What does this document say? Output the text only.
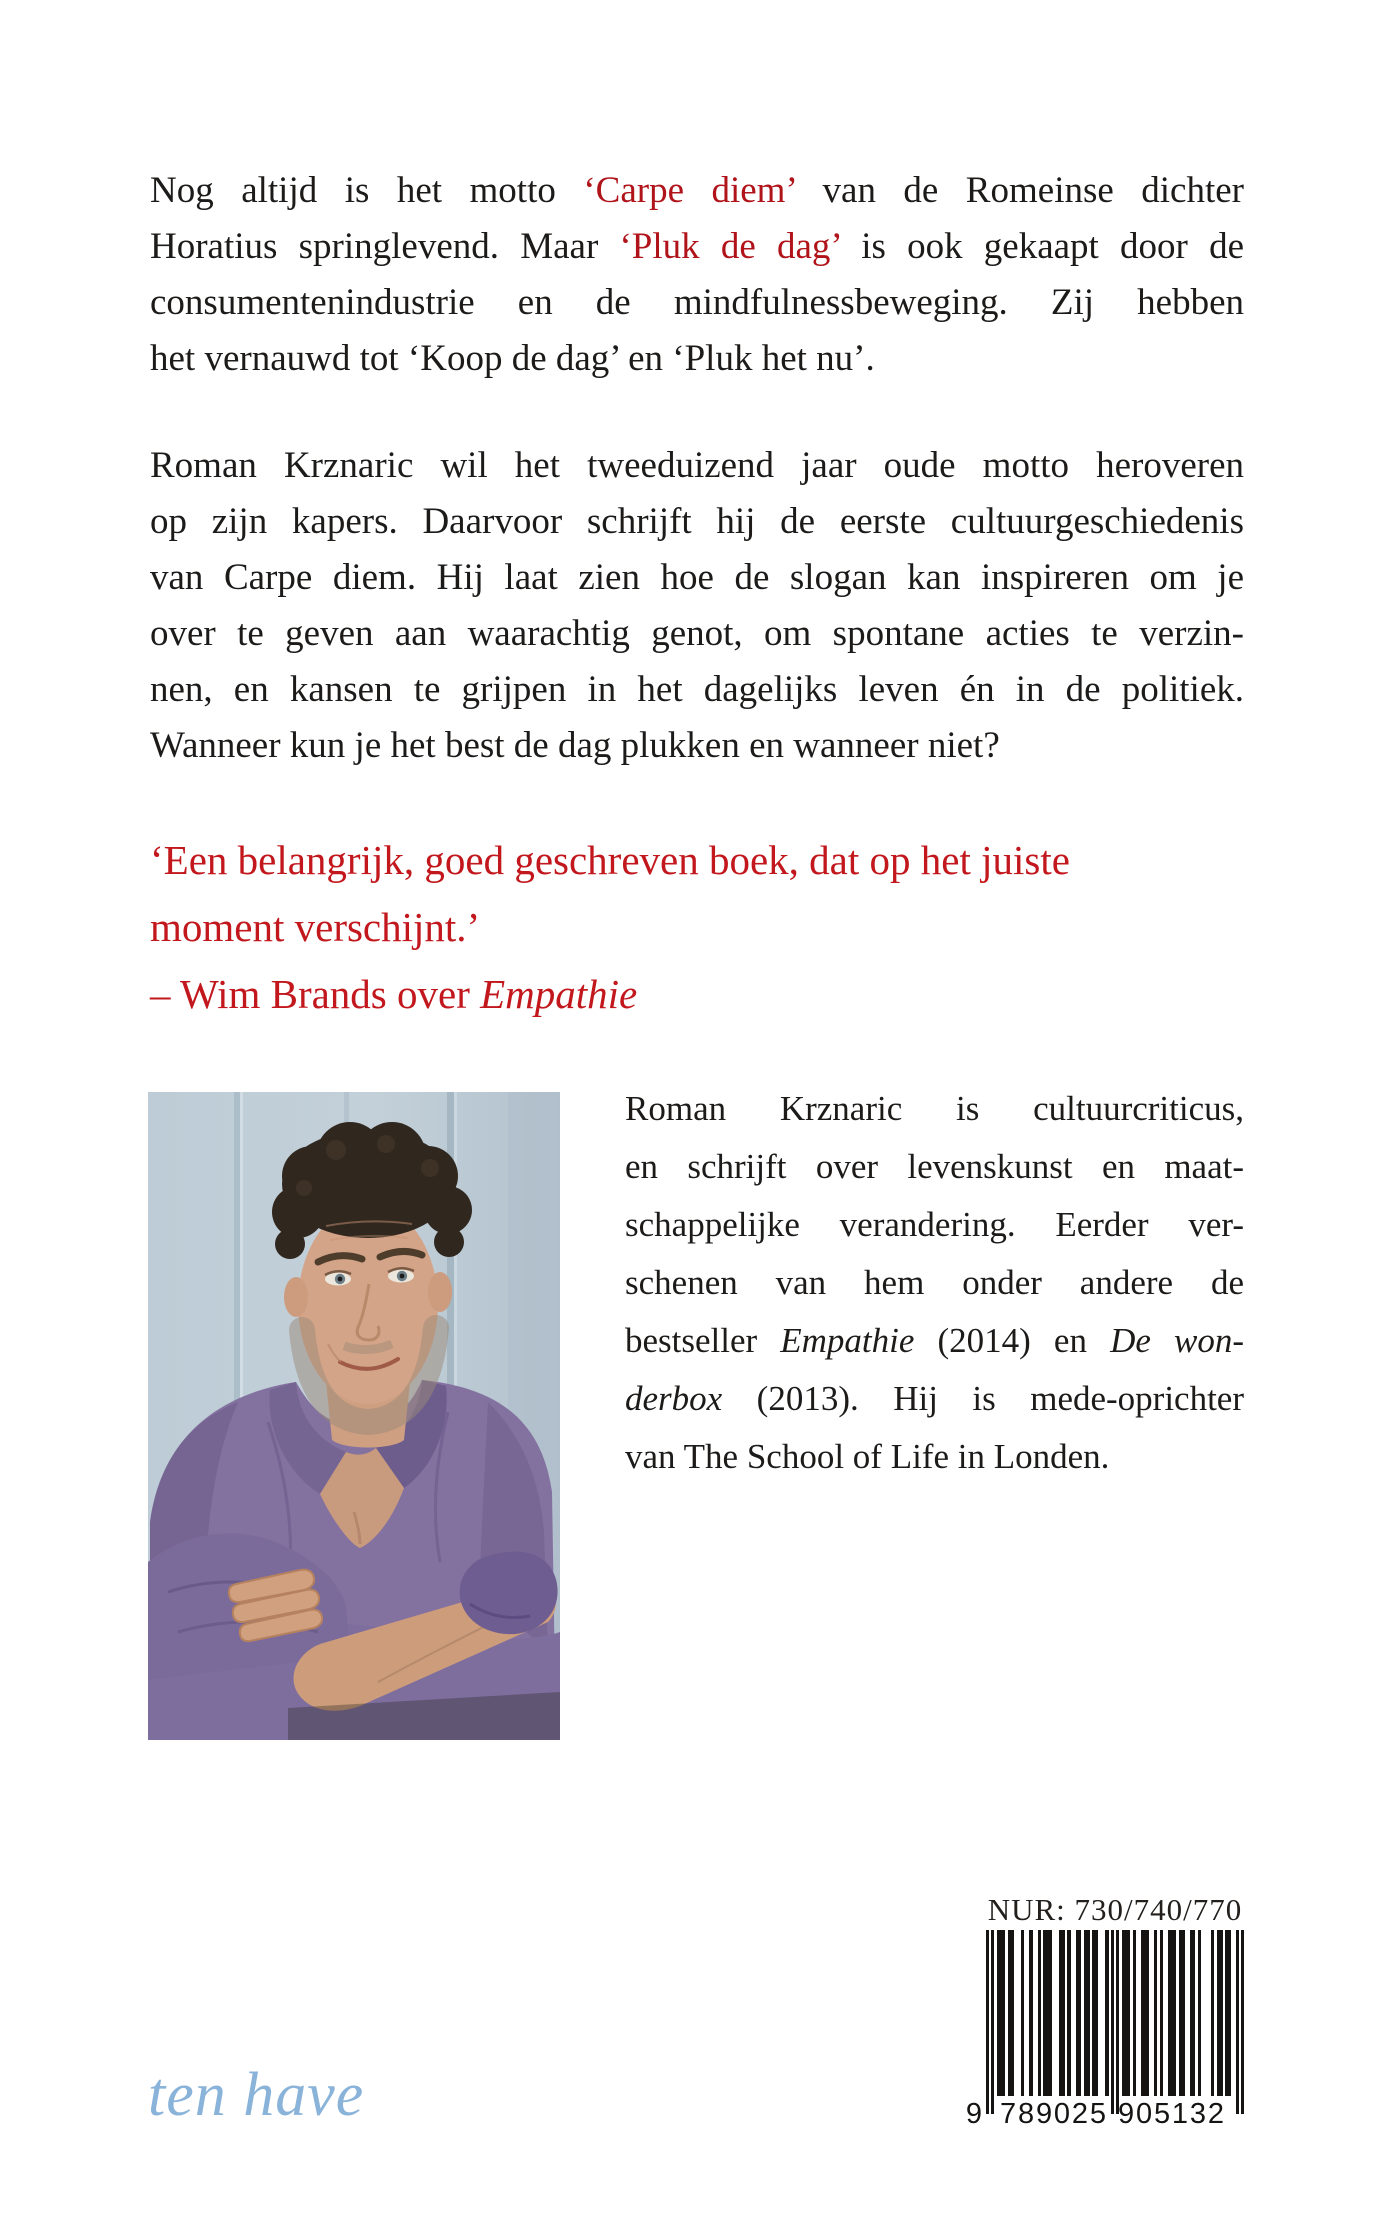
Nog altijd is het motto ‘Carpe diem’ van de Romeinse dichter
Horatius springlevend. Maar ‘Pluk de dag’ is ook gekaapt door de
consumentenindustrie en de mindfulnessbeweging. Zij hebben
het vernauwd tot ‘Koop de dag’ en ‘Pluk het nu’.
Roman Krznaric wil het tweeduizend jaar oude motto heroveren
op zijn kapers. Daarvoor schrijft hij de eerste cultuurgeschiedenis
van Carpe diem. Hij laat zien hoe de slogan kan inspireren om je
over te geven aan waarachtig genot, om spontane acties te verzin-
nen, en kansen te grijpen in het dagelijks leven én in de politiek.
Wanneer kun je het best de dag plukken en wanneer niet?
‘Een belangrijk, goed geschreven boek, dat op het juiste
moment verschijnt.’
– Wim Brands over Empathie
Roman Krznaric is cultuurcriticus,
en schrijft over levenskunst en maat-
schappelijke verandering. Eerder ver-
schenen van hem onder andere de
bestseller Empathie (2014) en De won-
derbox (2013). Hij is mede-oprichter
van The School of Life in Londen.
NUR: 730/740/770
9 7 8 9 0 2 5 9 0 5 1 3 2
ten have
